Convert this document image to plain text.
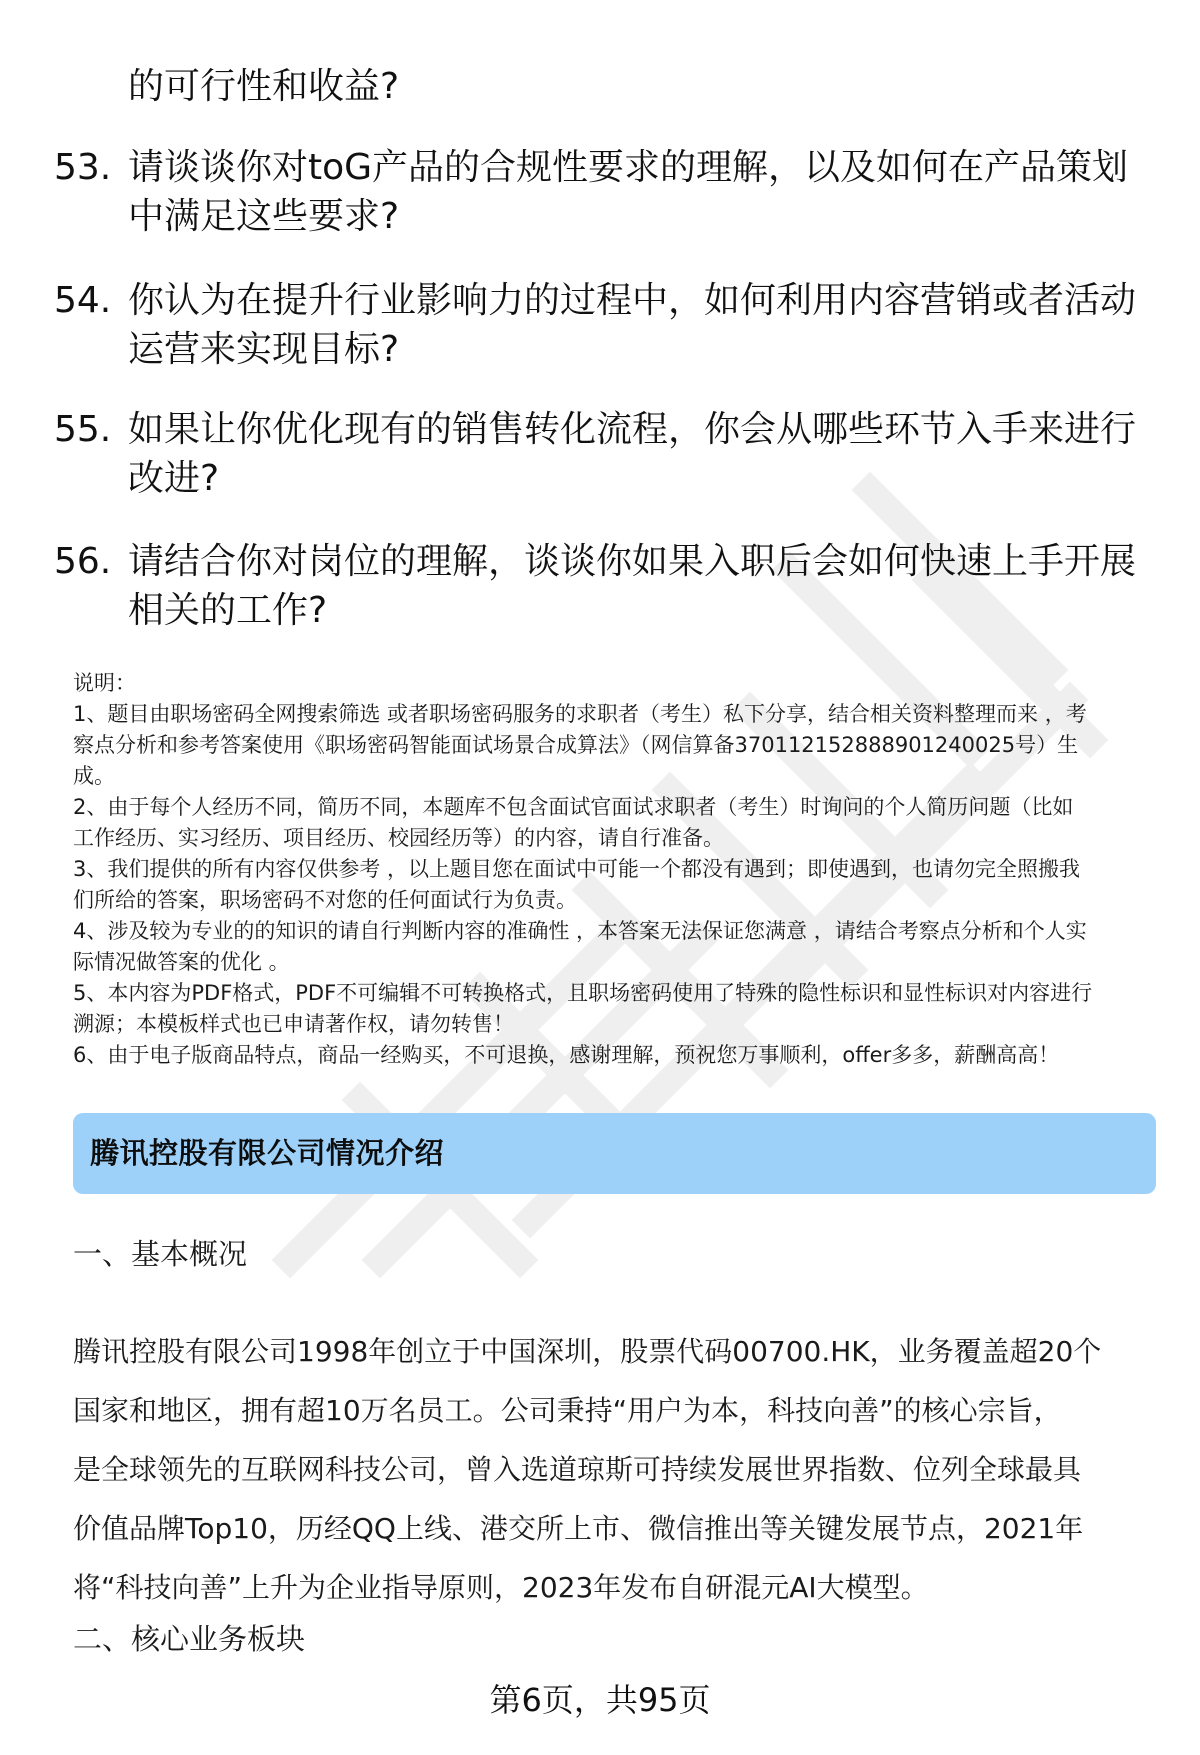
的可行性和收益?
53. 请谈谈你对toG产品的合规性要求的理解，以及如何在产品策划
中满足这些要求?
54. 你认为在提升行业影响力的过程中，如何利用内容营销或者活动
运营来实现目标?
55. 如果让你优化现有的销售转化流程，你会从哪些环节入手来进行
改进?
56. 请结合你对岗位的理解，谈谈你如果入职后会如何快速上手开展
相关的工作?
说明：
1、题目由职场密码全网搜索筛选 或者职场密码服务的求职者（考生）私下分享，结合相关资料整理而来 ，考
察点分析和参考答案使用《职场密码智能面试场景合成算法》（网信算备370112152888901240025号）生
成。
2、由于每个人经历不同，简历不同，本题库不包含面试官面试求职者（考生）时询问的个人简历问题（比如
工作经历、实习经历、项目经历、校园经历等）的内容，请自行准备。
3、我们提供的所有内容仅供参考 ，以上题目您在面试中可能一个都没有遇到；即使遇到，也请勿完全照搬我
们所给的答案，职场密码不对您的任何面试行为负责。
4、涉及较为专业的的知识的请自行判断内容的准确性 ，本答案无法保证您满意 ，请结合考察点分析和个人实
际情况做答案的优化 。
5、本内容为PDF格式，PDF不可编辑不可转换格式，且职场密码使用了特殊的隐性标识和显性标识对内容进行
溯源；本模板样式也已申请著作权，请勿转售！
6、由于电子版商品特点，商品一经购买，不可退换，感谢理解，预祝您万事顺利，offer多多，薪酬高高！
腾讯控股有限公司情况介绍
一、基本概况
腾讯控股有限公司1998年创立于中国深圳，股票代码00700.HK，业务覆盖超20个
国家和地区，拥有超10万名员工。公司秉持“用户为本，科技向善”的核心宗旨，
是全球领先的互联网科技公司，曾入选道琼斯可持续发展世界指数、位列全球最具
价值品牌Top10，历经QQ上线、港交所上市、微信推出等关键发展节点，2021年
将“科技向善”上升为企业指导原则，2023年发布自研混元AI大模型。
二、核心业务板块
第6页，共95页
